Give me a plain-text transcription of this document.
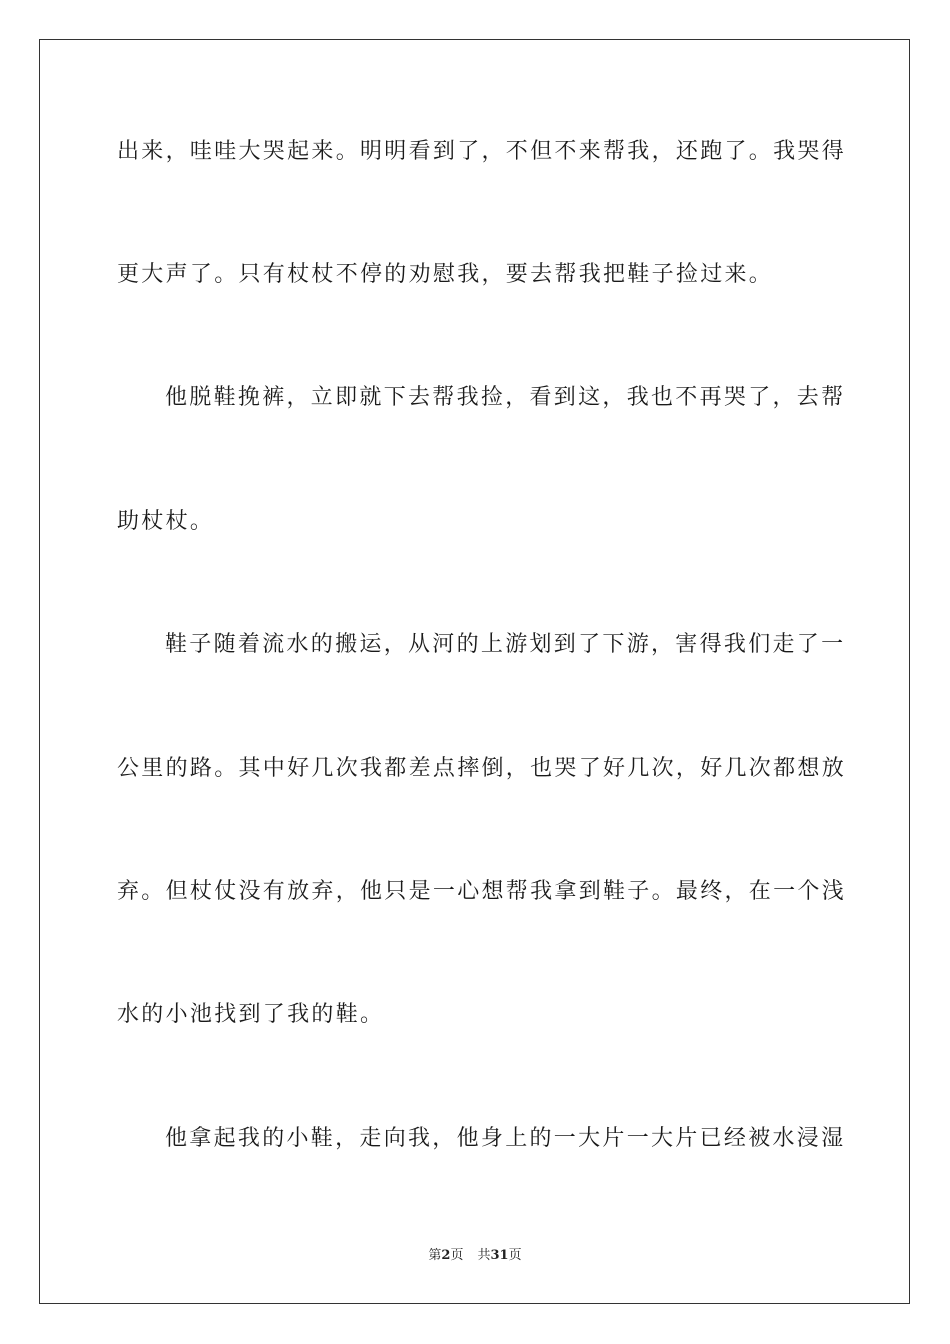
出来，哇哇大哭起来。明明看到了，不但不来帮我，还跑了。我哭得
更大声了。只有杖杖不停的劝慰我，要去帮我把鞋子捡过来。
他脱鞋挽裤，立即就下去帮我捡，看到这，我也不再哭了，去帮
助杖杖。
鞋子随着流水的搬运，从河的上游划到了下游，害得我们走了一
公里的路。其中好几次我都差点摔倒，也哭了好几次，好几次都想放
弃。但杖仗没有放弃，他只是一心想帮我拿到鞋子。最终，在一个浅
水的小池找到了我的鞋。
他拿起我的小鞋，走向我，他身上的一大片一大片已经被水浸湿
第2页 共31页
